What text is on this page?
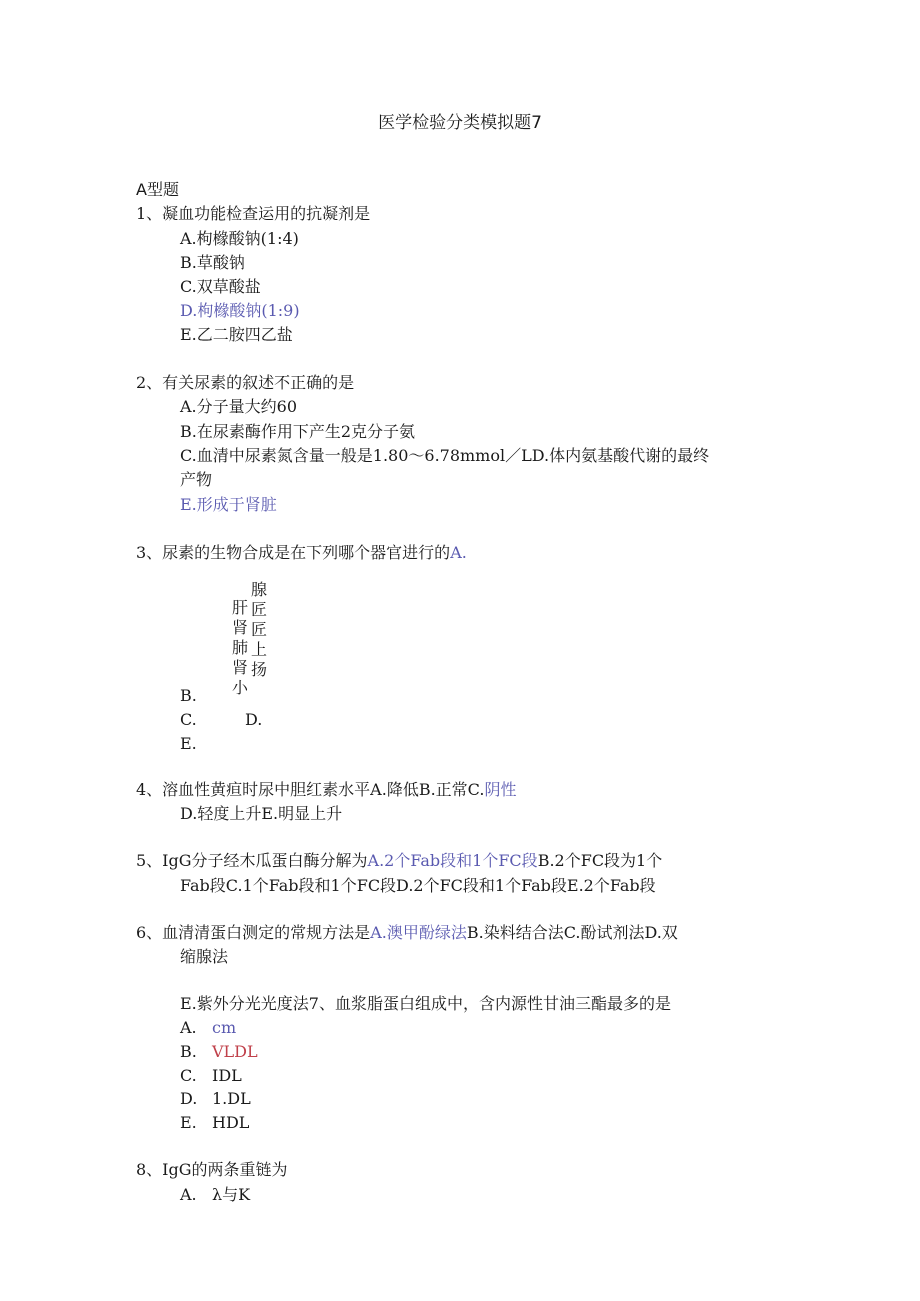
医学检验分类模拟题7
A型题
1、凝血功能检查运用的抗凝剂是
A.枸橼酸钠(1:4)
B.草酸钠
C.双草酸盐
D.枸橼酸钠(1:9)
E.乙二胺四乙盐
2、有关尿素的叙述不正确的是
A.分子量大约60
B.在尿素酶作用下产生2克分子氨
C.血清中尿素氮含量一般是1.80～6.78mmol／LD.体内氨基酸代谢的最终
产物
E.形成于肾脏
3、尿素的生物合成是在下列哪个器官进行的A.
肝
肾
肺
肾
小
腺
匠
匠
上
扬
B.
C.	D.
E.
4、溶血性黄疸时尿中胆红素水平A.降低B.正常C.阴性
D.轻度上升E.明显上升
5、IgG分子经木瓜蛋白酶分解为A.2个Fab段和1个FC段B.2个FC段为1个
Fab段C.1个Fab段和1个FC段D.2个FC段和1个Fab段E.2个Fab段
6、血清清蛋白测定的常规方法是A.澳甲酚绿法B.染料结合法C.酚试剂法D.双
缩腺法
E.紫外分光光度法7、血浆脂蛋白组成中，含内源性甘油三酯最多的是
A. cm
B. VLDL
C. IDL
D. 1.DL
E. HDL
8、IgG的两条重链为
A. λ与K
